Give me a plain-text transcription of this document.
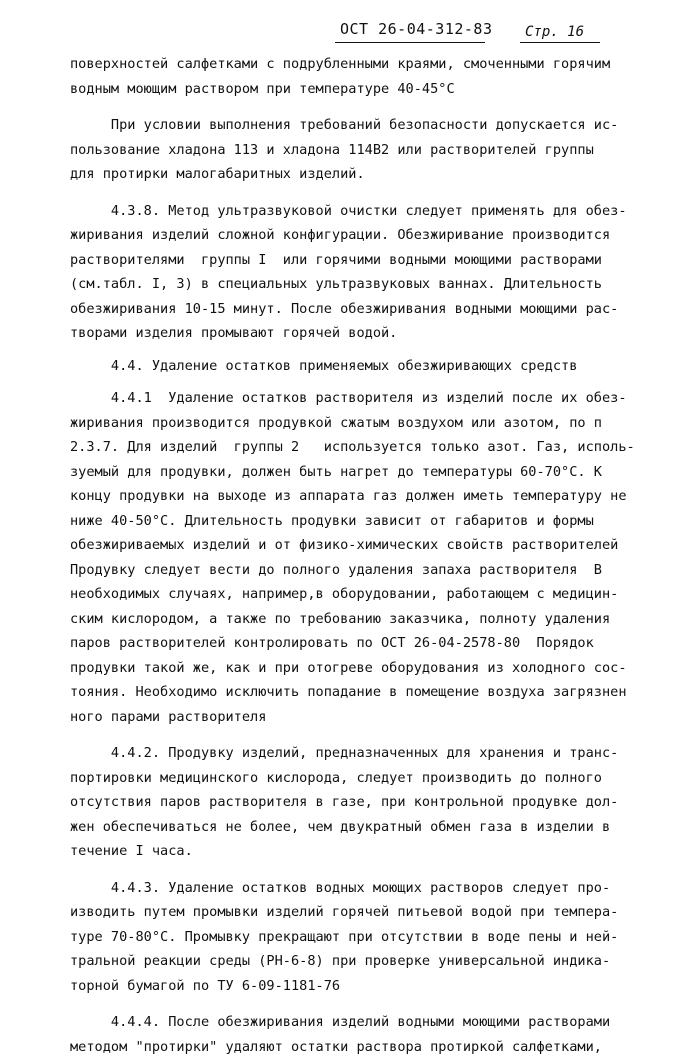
ОСТ 26-04-312-83 Стр. 16

поверхностей салфетками с подрубленными краями, смоченными горячим

водным моющим раствором при температуре 40-45°С

При условии выполнения требований безопасности допускается ис-

пользование хладона 113 и хладона 114В2 или растворителей группы

для протирки малогабаритных изделий.

4.3.8. Метод ультразвуковой очистки следует применять для обез-

жиривания изделий сложной конфигурации. Обезжиривание производится

растворителями  группы I  или горячими водными моющими растворами

(см.табл. I, 3) в специальных ультразвуковых ваннах. Длительность

обезжиривания 10-15 минут. После обезжиривания водными моющими рас-

творами изделия промывают горячей водой.

4.4. Удаление остатков применяемых обезжиривающих средств

4.4.1  Удаление остатков растворителя из изделий после их обез-

жиривания производится продувкой сжатым воздухом или азотом, по п

2.3.7. Для изделий  группы 2   используется только азот. Газ, исполь-

зуемый для продувки, должен быть нагрет до температуры 60-70°С. К

концу продувки на выходе из аппарата газ должен иметь температуру не

ниже 40-50°С. Длительность продувки зависит от габаритов и формы

обезжириваемых изделий и от физико-химических свойств растворителей

Продувку следует вести до полного удаления запаха растворителя  В

необходимых случаях, например,в оборудовании, работающем с медицин-

ским кислородом, а также по требованию заказчика, полноту удаления

паров растворителей контролировать по ОСТ 26-04-2578-80  Порядок

продувки такой же, как и при отогреве оборудования из холодного сос-

тояния. Необходимо исключить попадание в помещение воздуха загрязнен

ного парами растворителя

4.4.2. Продувку изделий, предназначенных для хранения и транс-

портировки медицинского кислорода, следует производить до полного

отсутствия паров растворителя в газе, при контрольной продувке дол-

жен обеспечиваться не более, чем двукратный обмен газа в изделии в

течение I часа.

4.4.3. Удаление остатков водных моющих растворов следует про-

изводить путем промывки изделий горячей питьевой водой при темпера-

туре 70-80°С. Промывку прекращают при отсутствии в воде пены и ней-

тральной реакции среды (РН-6-8) при проверке универсальной индика-

торной бумагой по ТУ 6-09-1181-76

4.4.4. После обезжиривания изделий водными моющими растворами

методом "протирки" удаляют остатки раствора протиркой салфетками,
